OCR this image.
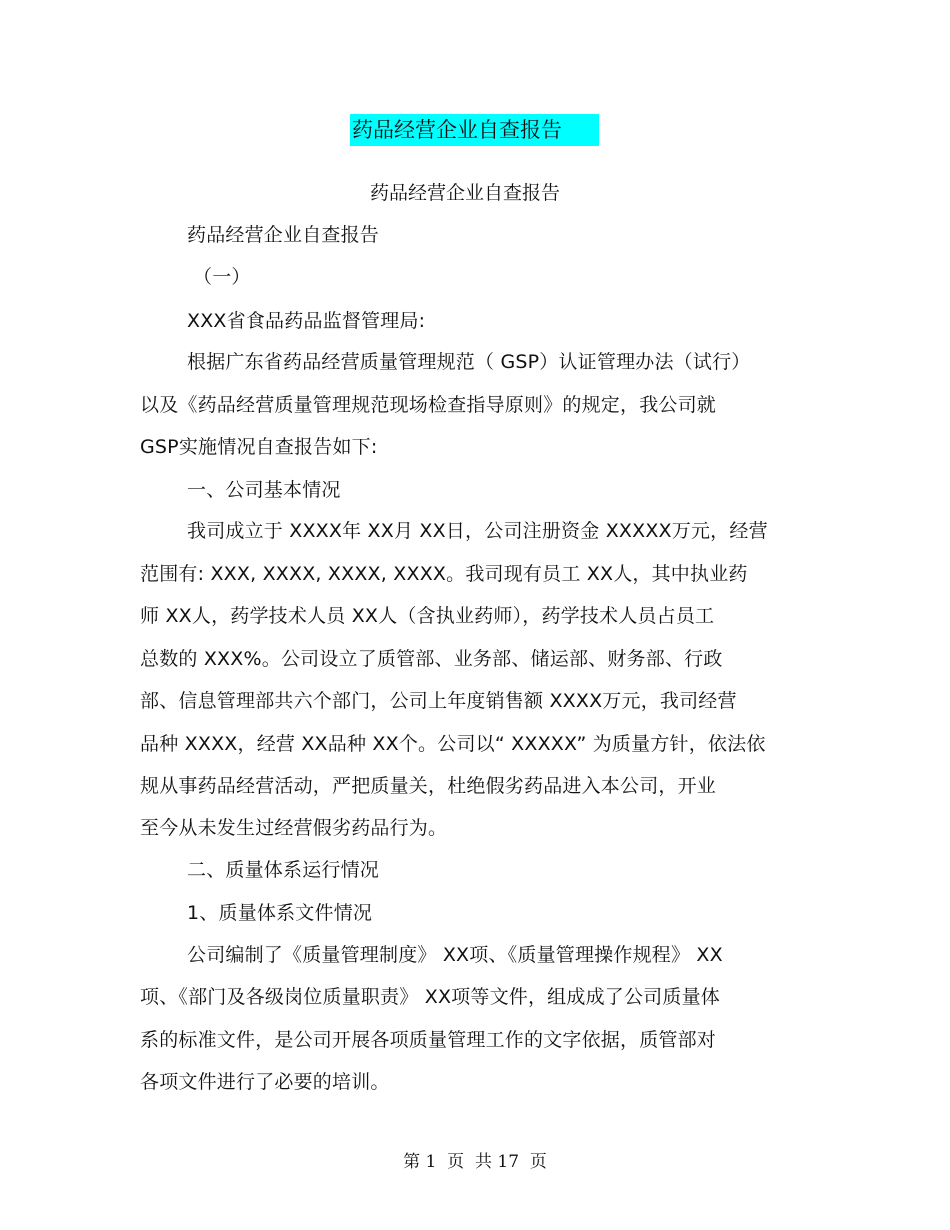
药品经营企业自查报告
药品经营企业自查报告
药品经营企业自查报告
（一）
XXX省食品药品监督管理局:
根据广东省药品经营质量管理规范（ GSP）认证管理办法（试行）
以及《药品经营质量管理规范现场检查指导原则》的规定，我公司就
GSP实施情况自查报告如下:
一、公司基本情况
我司成立于 XXXX年 XX月 XX日，公司注册资金 XXXXX万元，经营
范围有: XXX, XXXX, XXXX, XXXX。我司现有员工 XX人，其中执业药
师 XX人，药学技术人员 XX人（含执业药师），药学技术人员占员工
总数的 XXX%。公司设立了质管部、业务部、储运部、财务部、行政
部、信息管理部共六个部门，公司上年度销售额 XXXX万元，我司经营
品种 XXXX，经营 XX品种 XX个。公司以“ XXXXX” 为质量方针，依法依
规从事药品经营活动，严把质量关，杜绝假劣药品进入本公司，开业
至今从未发生过经营假劣药品行为。
二、质量体系运行情况
1、质量体系文件情况
公司编制了《质量管理制度》 XX项、《质量管理操作规程》 XX
项、《部门及各级岗位质量职责》 XX项等文件，组成成了公司质量体
系的标准文件，是公司开展各项质量管理工作的文字依据，质管部对
各项文件进行了必要的培训。
第 1  页  共 17  页
